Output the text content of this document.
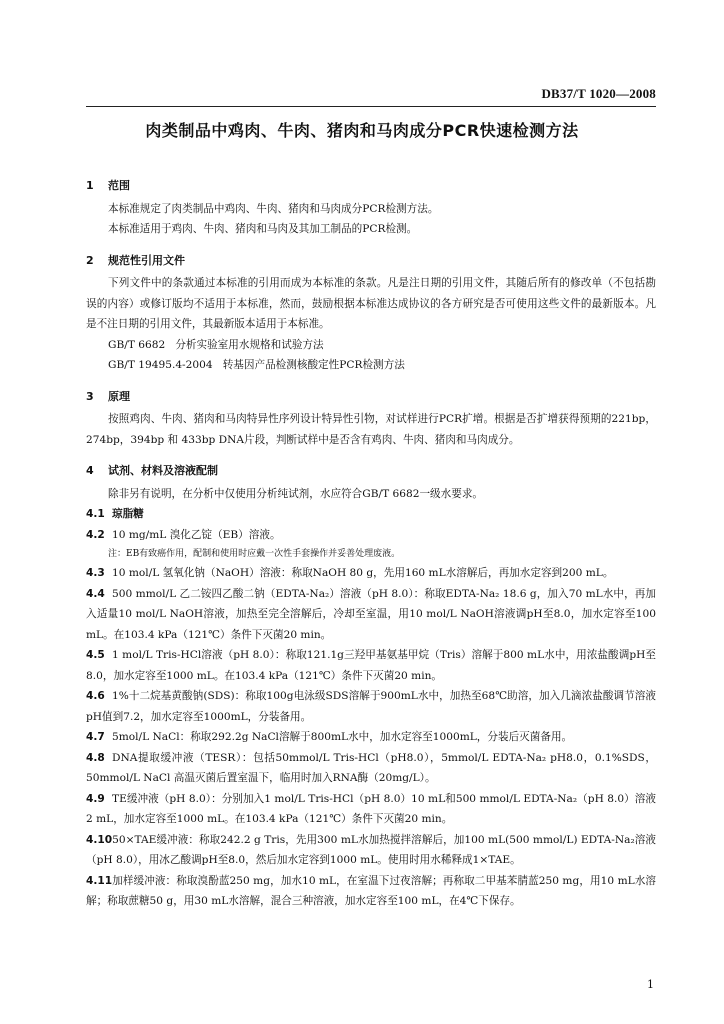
DB37/T 1020—2008
肉类制品中鸡肉、牛肉、猪肉和马肉成分PCR快速检测方法
1 范围
本标准规定了肉类制品中鸡肉、牛肉、猪肉和马肉成分PCR检测方法。
本标准适用于鸡肉、牛肉、猪肉和马肉及其加工制品的PCR检测。
2 规范性引用文件
下列文件中的条款通过本标准的引用而成为本标准的条款。凡是注日期的引用文件，其随后所有的修改单（不包括勘误的内容）或修订版均不适用于本标准，然而，鼓励根据本标准达成协议的各方研究是否可使用这些文件的最新版本。凡是不注日期的引用文件，其最新版本适用于本标准。
GB/T 6682   分析实验室用水规格和试验方法
GB/T 19495.4-2004   转基因产品检测核酸定性PCR检测方法
3 原理
按照鸡肉、牛肉、猪肉和马肉特异性序列设计特异性引物，对试样进行PCR扩增。根据是否扩增获得预期的221bp，274bp，394bp 和 433bp DNA片段，判断试样中是否含有鸡肉、牛肉、猪肉和马肉成分。
4 试剂、材料及溶液配制
除非另有说明，在分析中仅使用分析纯试剂，水应符合GB/T 6682一级水要求。
4.1 琼脂糖
4.2 10 mg/mL 溴化乙锭（EB）溶液。
注：EB有致癌作用，配制和使用时应戴一次性手套操作并妥善处理废液。
4.3 10 mol/L 氢氧化钠（NaOH）溶液：称取NaOH 80 g，先用160 mL水溶解后，再加水定容到200 mL。
4.4 500 mmol/L 乙二铵四乙酸二钠（EDTA-Na₂）溶液（pH 8.0）：称取EDTA-Na₂ 18.6 g，加入70 mL水中，再加入适量10 mol/L NaOH溶液，加热至完全溶解后，冷却至室温，用10 mol/L NaOH溶液调pH至8.0，加水定容至100 mL。在103.4 kPa（121℃）条件下灭菌20 min。
4.5 1 mol/L Tris-HCl溶液（pH 8.0）：称取121.1g三羟甲基氨基甲烷（Tris）溶解于800 mL水中，用浓盐酸调pH至8.0，加水定容至1000 mL。在103.4 kPa（121℃）条件下灭菌20 min。
4.6 1%十二烷基黄酸钠(SDS)：称取100g电泳级SDS溶解于900mL水中，加热至68℃助溶，加入几滴浓盐酸调节溶液pH值到7.2，加水定容至1000mL，分装备用。
4.7 5mol/L NaCl：称取292.2g NaCl溶解于800mL水中，加水定容至1000mL，分装后灭菌备用。
4.8 DNA提取缓冲液（TESR）：包括50mmol/L Tris-HCl（pH8.0），5mmol/L EDTA-Na₂ pH8.0，0.1%SDS，50mmol/L NaCl 高温灭菌后置室温下，临用时加入RNA酶（20mg/L）。
4.9 TE缓冲液（pH 8.0）：分别加入1 mol/L Tris-HCl（pH 8.0）10 mL和500 mmol/L EDTA-Na₂（pH 8.0）溶液2 mL，加水定容至1000 mL。在103.4 kPa（121℃）条件下灭菌20 min。
4.1050×TAE缓冲液：称取242.2 g Tris，先用300 mL水加热搅拌溶解后，加100 mL(500 mmol/L) EDTA-Na₂溶液（pH 8.0），用冰乙酸调pH至8.0，然后加水定容到1000 mL。使用时用水稀释成1×TAE。
4.11加样缓冲液：称取溴酚蓝250 mg，加水10 mL，在室温下过夜溶解；再称取二甲基苯腈蓝250 mg，用10 mL水溶解；称取蔗糖50 g，用30 mL水溶解，混合三种溶液，加水定容至100 mL，在4℃下保存。
1
